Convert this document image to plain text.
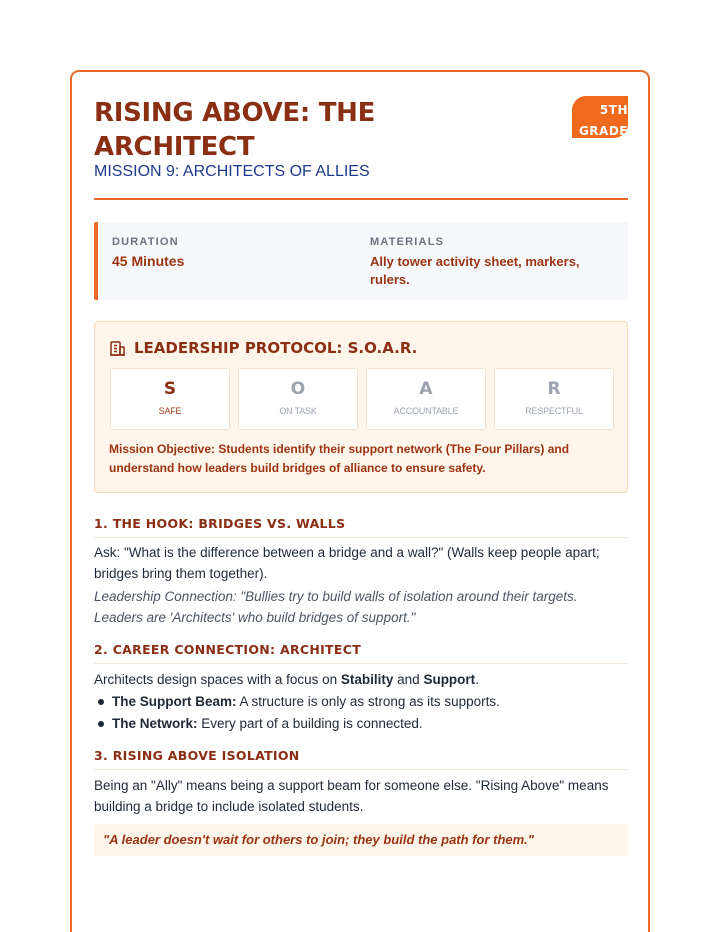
RISING ABOVE: THE ARCHITECT
MISSION 9: ARCHITECTS OF ALLIES
5TH
GRADE
DURATION
45 Minutes
MATERIALS
Ally tower activity sheet, markers, rulers.
LEADERSHIP PROTOCOL: S.O.A.R.
S
SAFE
O
ON TASK
A
ACCOUNTABLE
R
RESPECTFUL
Mission Objective: Students identify their support network (The Four Pillars) and understand how leaders build bridges of alliance to ensure safety.
1. THE HOOK: BRIDGES VS. WALLS

Ask: "What is the difference between a bridge and a wall?" (Walls keep people apart; bridges bring them together).

Leadership Connection: "Bullies try to build walls of isolation around their targets. Leaders are 'Architects' who build bridges of support."

2. CAREER CONNECTION: ARCHITECT

Architects design spaces with a focus on Stability and Support.

The Support Beam: A structure is only as strong as its supports.
The Network: Every part of a building is connected.
3. RISING ABOVE ISOLATION

Being an "Ally" means being a support beam for someone else. "Rising Above" means building a bridge to include isolated students.

"A leader doesn't wait for others to join; they build the path for them."
